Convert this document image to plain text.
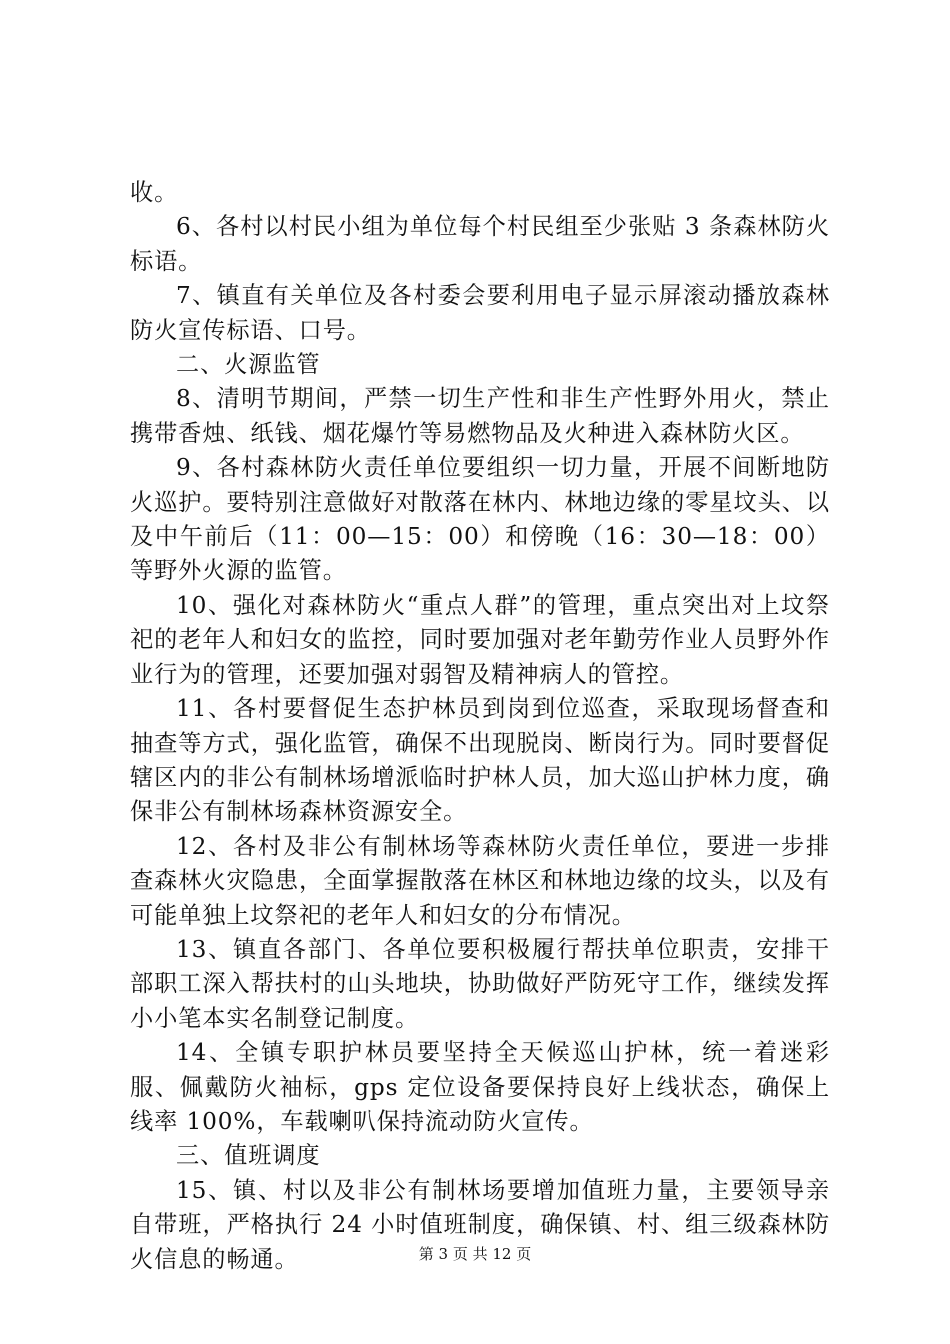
收。

6、各村以村民小组为单位每个村民组至少张贴 3 条森林防火标语。

7、镇直有关单位及各村委会要利用电子显示屏滚动播放森林防火宣传标语、口号。

二、火源监管

8、清明节期间，严禁一切生产性和非生产性野外用火，禁止携带香烛、纸钱、烟花爆竹等易燃物品及火种进入森林防火区。

9、各村森林防火责任单位要组织一切力量，开展不间断地防火巡护。要特别注意做好对散落在林内、林地边缘的零星坟头、以及中午前后（11：00—15：00）和傍晚（16：30—18：00）等野外火源的监管。

10、强化对森林防火“重点人群”的管理，重点突出对上坟祭祀的老年人和妇女的监控，同时要加强对老年勤劳作业人员野外作业行为的管理，还要加强对弱智及精神病人的管控。

11、各村要督促生态护林员到岗到位巡查，采取现场督查和抽查等方式，强化监管，确保不出现脱岗、断岗行为。同时要督促辖区内的非公有制林场增派临时护林人员，加大巡山护林力度，确保非公有制林场森林资源安全。

12、各村及非公有制林场等森林防火责任单位，要进一步排查森林火灾隐患，全面掌握散落在林区和林地边缘的坟头，以及有可能单独上坟祭祀的老年人和妇女的分布情况。

13、镇直各部门、各单位要积极履行帮扶单位职责，安排干部职工深入帮扶村的山头地块，协助做好严防死守工作，继续发挥小小笔本实名制登记制度。

14、全镇专职护林员要坚持全天候巡山护林，统一着迷彩服、佩戴防火袖标，gps 定位设备要保持良好上线状态，确保上线率 100%，车载喇叭保持流动防火宣传。

三、值班调度

15、镇、村以及非公有制林场要增加值班力量，主要领导亲自带班，严格执行 24 小时值班制度，确保镇、村、组三级森林防火信息的畅通。	第 3 页 共 12 页
